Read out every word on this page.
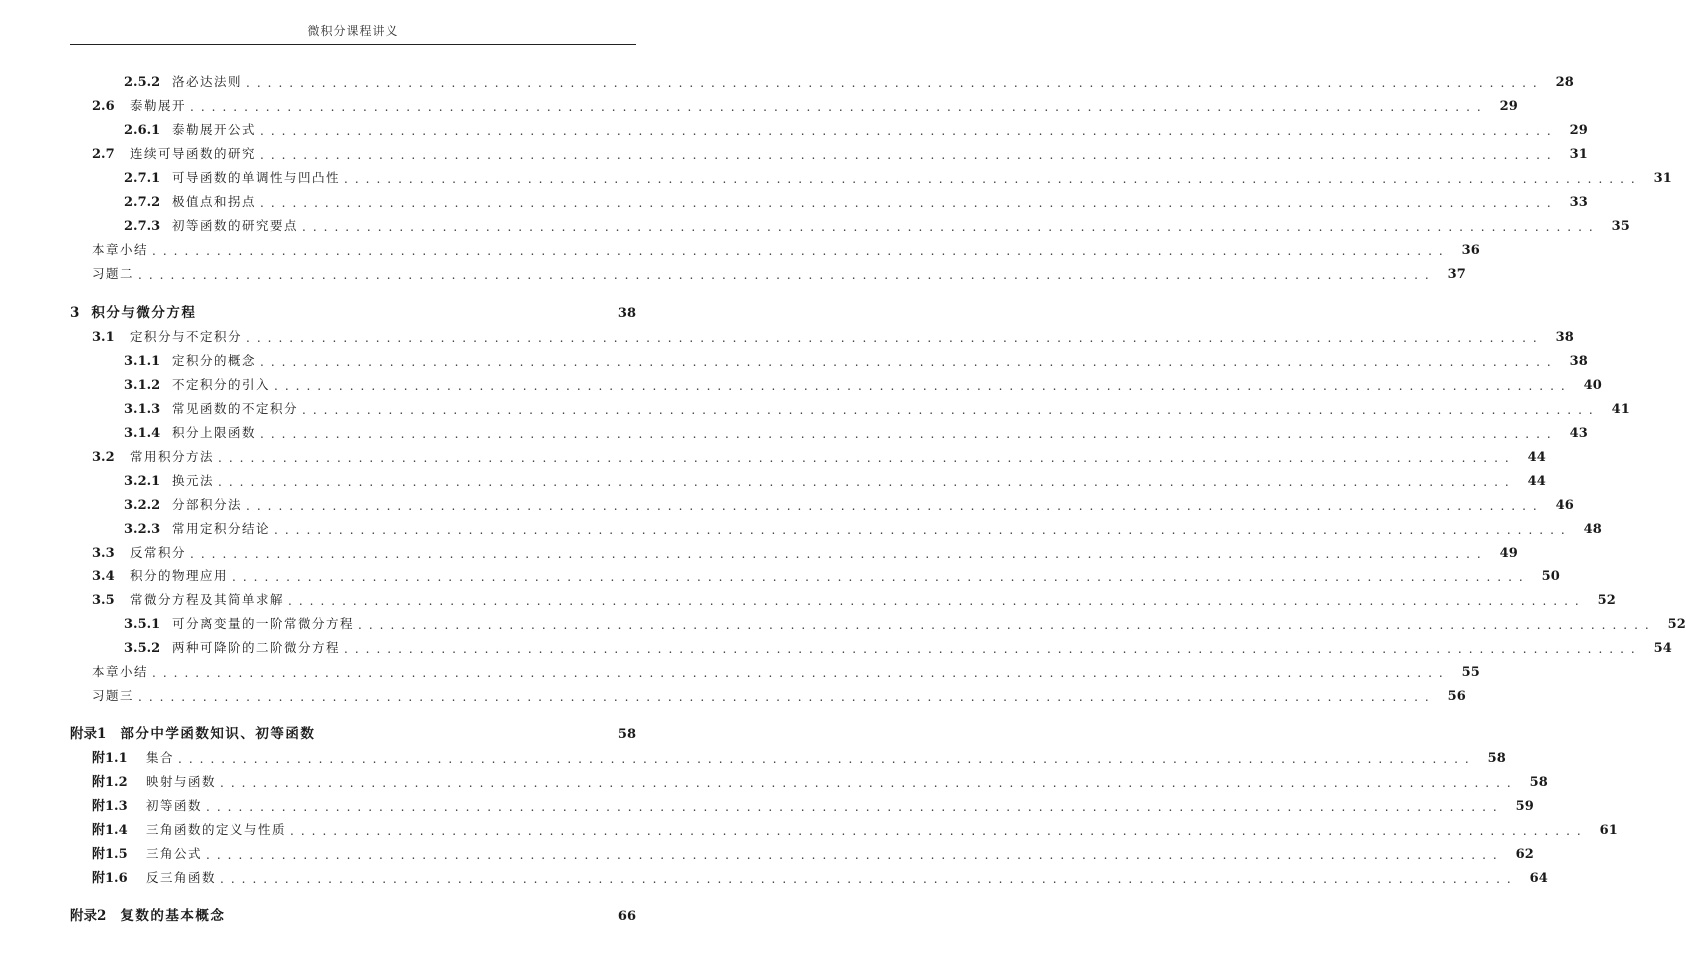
微积分课程讲义
2.5.2 洛必达法则 ........................................................................................................................ 28
2.6	泰勒展开 ........................................................................................................................ 29
2.6.1 泰勒展开公式 ........................................................................................................................ 29
2.7	连续可导函数的研究 ........................................................................................................................ 31
2.7.1 可导函数的单调性与凹凸性 ........................................................................................................................ 31
2.7.2 极值点和拐点 ........................................................................................................................ 33
2.7.3 初等函数的研究要点 ........................................................................................................................ 35
本章小结 ........................................................................................................................ 36
习题二 ........................................................................................................................ 37
3 积分与微分方程	38
3.1	定积分与不定积分 ........................................................................................................................ 38
3.1.1 定积分的概念 ........................................................................................................................ 38
3.1.2 不定积分的引入 ........................................................................................................................ 40
3.1.3 常见函数的不定积分 ........................................................................................................................ 41
3.1.4 积分上限函数 ........................................................................................................................ 43
3.2	常用积分方法 ........................................................................................................................ 44
3.2.1 换元法 ........................................................................................................................ 44
3.2.2 分部积分法 ........................................................................................................................ 46
3.2.3 常用定积分结论 ........................................................................................................................ 48
3.3	反常积分 ........................................................................................................................ 49
3.4	积分的物理应用 ........................................................................................................................ 50
3.5	常微分方程及其简单求解 ........................................................................................................................ 52
3.5.1 可分离变量的一阶常微分方程 ........................................................................................................................ 52
3.5.2 两种可降阶的二阶微分方程 ........................................................................................................................ 54
本章小结 ........................................................................................................................ 55
习题三 ........................................................................................................................ 56
附录1 部分中学函数知识、初等函数	58
附1.1	集合 ........................................................................................................................ 58
附1.2	映射与函数 ........................................................................................................................ 58
附1.3	初等函数 ........................................................................................................................ 59
附1.4	三角函数的定义与性质 ........................................................................................................................ 61
附1.5	三角公式 ........................................................................................................................ 62
附1.6	反三角函数 ........................................................................................................................ 64
附录2 复数的基本概念	66
